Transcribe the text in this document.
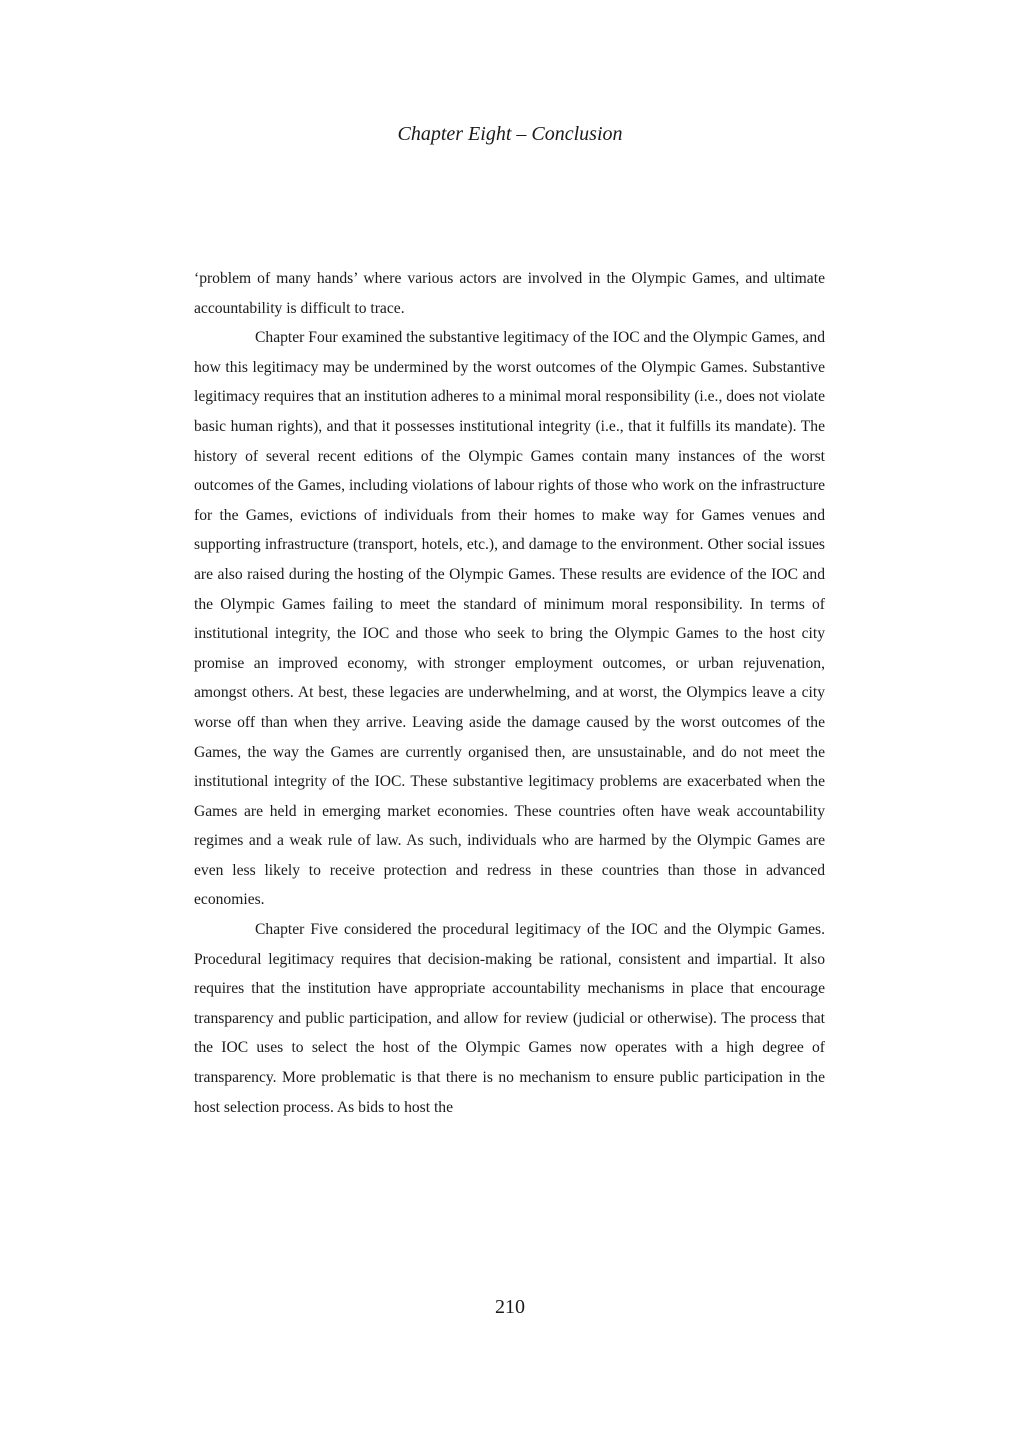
Chapter Eight – Conclusion

‘problem of many hands’ where various actors are involved in the Olympic Games, and ultimate accountability is difficult to trace.

Chapter Four examined the substantive legitimacy of the IOC and the Olympic Games, and how this legitimacy may be undermined by the worst outcomes of the Olympic Games. Substantive legitimacy requires that an institution adheres to a minimal moral responsibility (i.e., does not violate basic human rights), and that it possesses institutional integrity (i.e., that it fulfills its mandate). The history of several recent editions of the Olympic Games contain many instances of the worst outcomes of the Games, including violations of labour rights of those who work on the infrastructure for the Games, evictions of individuals from their homes to make way for Games venues and supporting infrastructure (transport, hotels, etc.), and damage to the environment. Other social issues are also raised during the hosting of the Olympic Games. These results are evidence of the IOC and the Olympic Games failing to meet the standard of minimum moral responsibility. In terms of institutional integrity, the IOC and those who seek to bring the Olympic Games to the host city promise an improved economy, with stronger employment outcomes, or urban rejuvenation, amongst others. At best, these legacies are underwhelming, and at worst, the Olympics leave a city worse off than when they arrive. Leaving aside the damage caused by the worst outcomes of the Games, the way the Games are currently organised then, are unsustainable, and do not meet the institutional integrity of the IOC. These substantive legitimacy problems are exacerbated when the Games are held in emerging market economies. These countries often have weak accountability regimes and a weak rule of law. As such, individuals who are harmed by the Olympic Games are even less likely to receive protection and redress in these countries than those in advanced economies.

Chapter Five considered the procedural legitimacy of the IOC and the Olympic Games. Procedural legitimacy requires that decision-making be rational, consistent and impartial. It also requires that the institution have appropriate accountability mechanisms in place that encourage transparency and public participation, and allow for review (judicial or otherwise). The process that the IOC uses to select the host of the Olympic Games now operates with a high degree of transparency. More problematic is that there is no mechanism to ensure public participation in the host selection process. As bids to host the

210
